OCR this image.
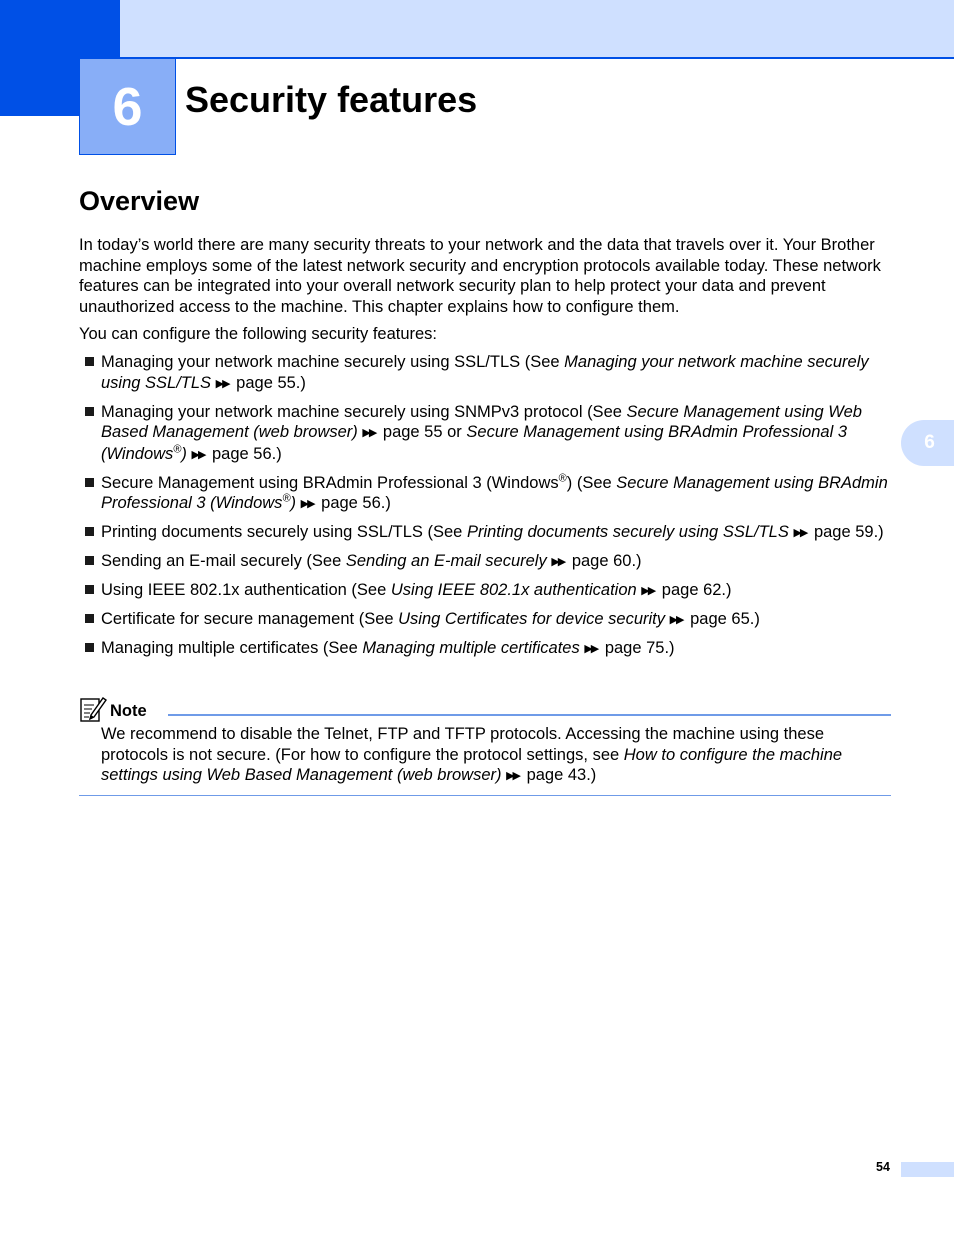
6	Security features
Overview

In today’s world there are many security threats to your network and the data that travels over it. Your Brother machine employs some of the latest network security and encryption protocols available today. These network features can be integrated into your overall network security plan to help protect your data and prevent unauthorized access to the machine. This chapter explains how to configure them.

You can configure the following security features:

Managing your network machine securely using SSL/TLS (See Managing your network machine securely using SSL/TLS ▶▶ page 55.)
Managing your network machine securely using SNMPv3 protocol (See Secure Management using Web Based Management (web browser) ▶▶ page 55 or Secure Management using BRAdmin Professional 3 (Windows®) ▶▶ page 56.)
Secure Management using BRAdmin Professional 3 (Windows®) (See Secure Management using BRAdmin Professional 3 (Windows®) ▶▶ page 56.)
Printing documents securely using SSL/TLS (See Printing documents securely using SSL/TLS ▶▶ page 59.)
Sending an E-mail securely (See Sending an E-mail securely ▶▶ page 60.)
Using IEEE 802.1x authentication (See Using IEEE 802.1x authentication ▶▶ page 62.)
Certificate for secure management (See Using Certificates for device security ▶▶ page 65.)
Managing multiple certificates (See Managing multiple certificates ▶▶ page 75.)
6
Note

We recommend to disable the Telnet, FTP and TFTP protocols. Accessing the machine using these protocols is not secure. (For how to configure the protocol settings, see How to configure the machine settings using Web Based Management (web browser) ▶▶ page 43.)

54
